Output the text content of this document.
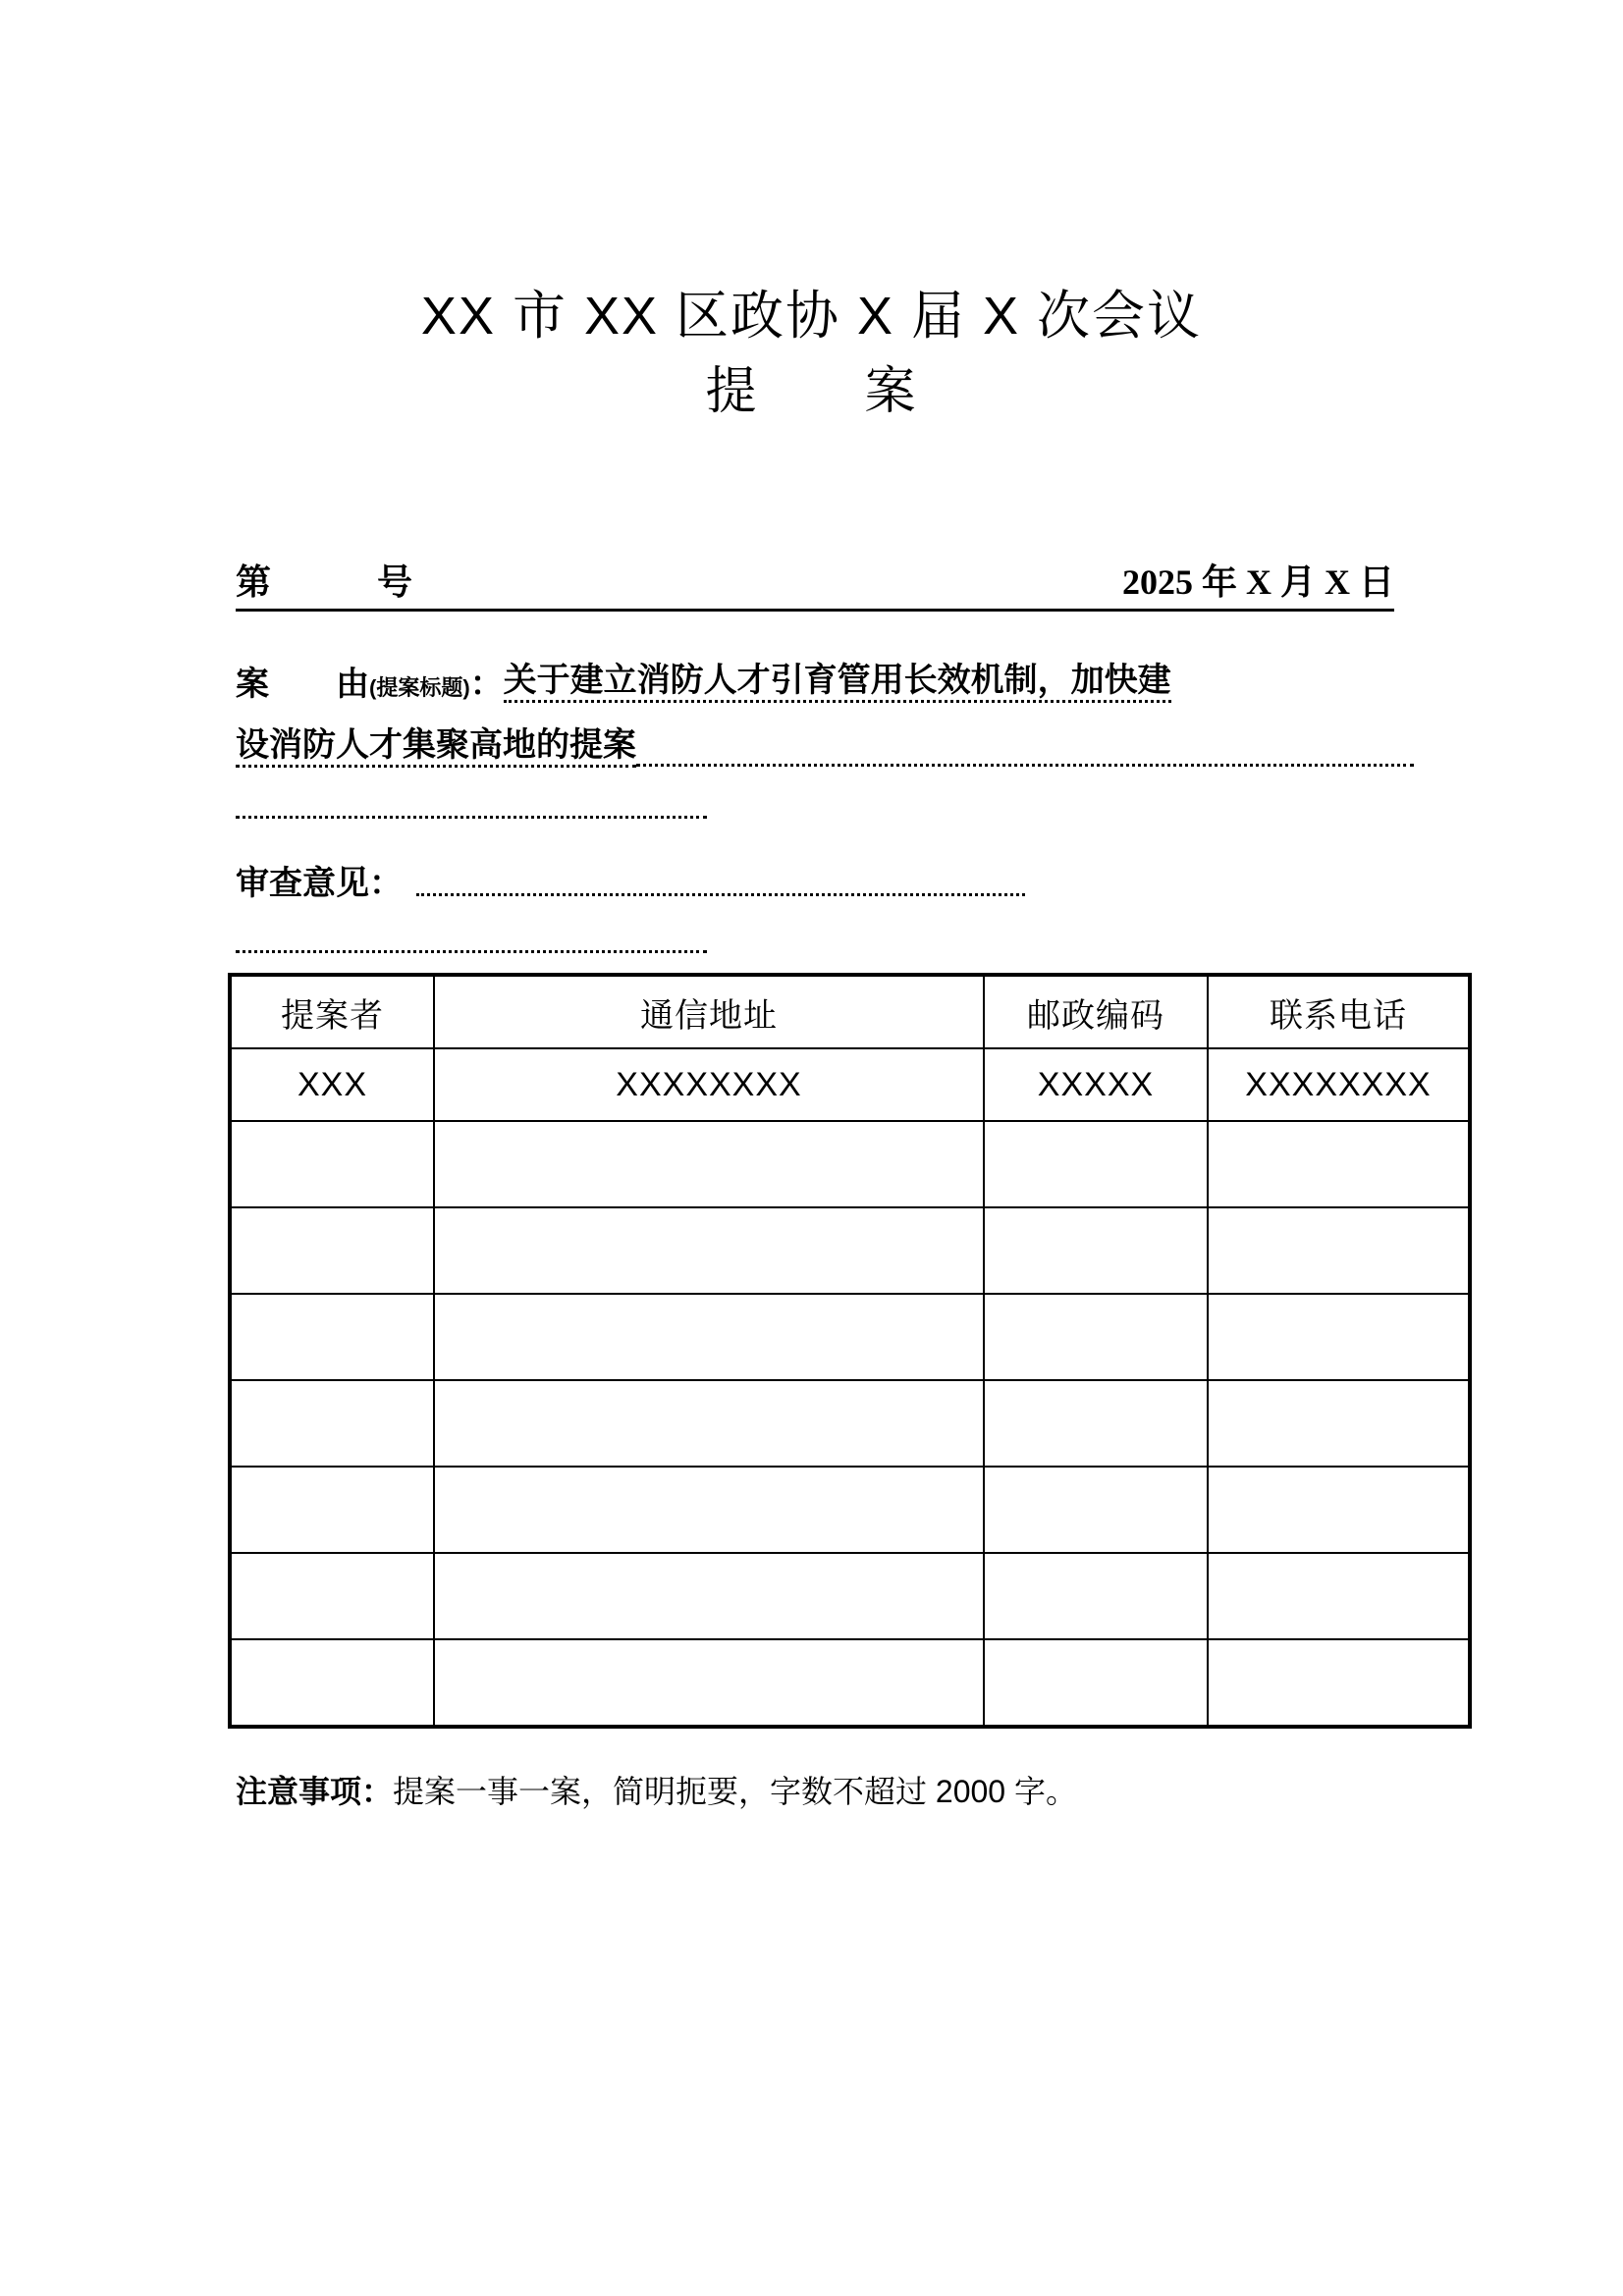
XX 市 XX 区政协 X 届 X 次会议
提　　案
第　　　号	2025 年 X 月 X 日
案　　由 (提案标题) ： 关于建立消防人才引育管用长效机制，加快建
设消防人才集聚高地的提案
审查意见：
提案者	通信地址	邮政编码	联系电话
XXX	XXXXXXXX	XXXXX	XXXXXXXX

注意事项：提案一事一案，简明扼要，字数不超过 2000 字。
